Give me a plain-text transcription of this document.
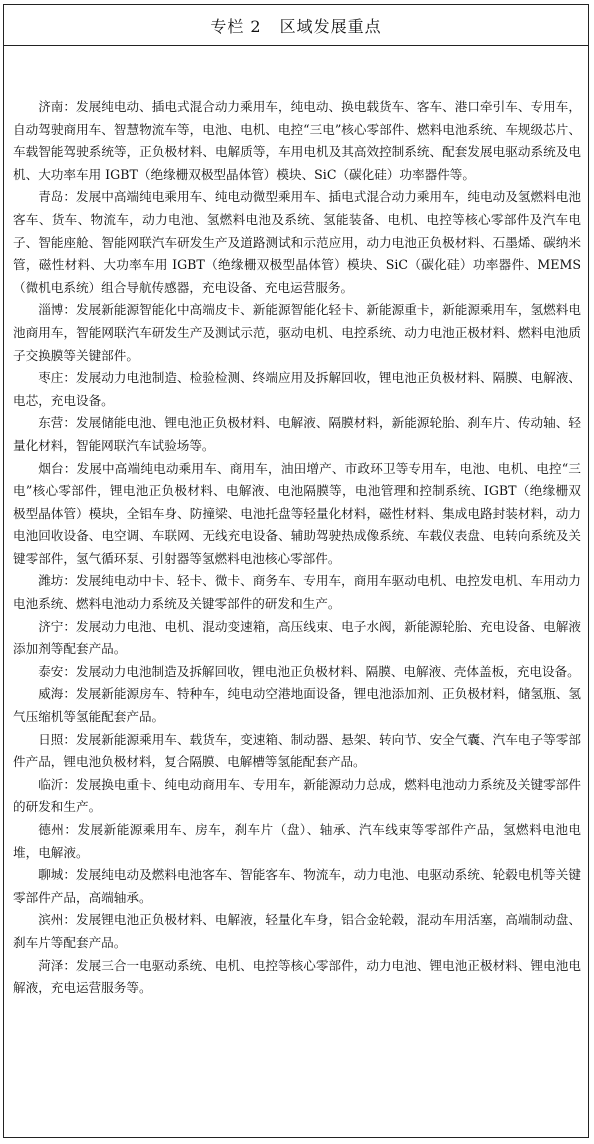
专栏 2 区域发展重点

济南：发展纯电动、插电式混合动力乘用车，纯电动、换电载货车、客车、港口牵引车、专用车，自动驾驶商用车、智慧物流车等，电池、电机、电控“三电”核心零部件、燃料电池系统、车规级芯片、车载智能驾驶系统等，正负极材料、电解质等，车用电机及其高效控制系统、配套发展电驱动系统及电机、大功率车用 IGBT（绝缘栅双极型晶体管）模块、SiC（碳化硅）功率器件等。

青岛：发展中高端纯电乘用车、纯电动微型乘用车、插电式混合动力乘用车，纯电动及氢燃料电池客车、货车、物流车，动力电池、氢燃料电池及系统、氢能装备、电机、电控等核心零部件及汽车电子、智能座舱、智能网联汽车研发生产及道路测试和示范应用，动力电池正负极材料、石墨烯、碳纳米管，磁性材料、大功率车用 IGBT（绝缘栅双极型晶体管）模块、SiC（碳化硅）功率器件、MEMS（微机电系统）组合导航传感器，充电设备、充电运营服务。

淄博：发展新能源智能化中高端皮卡、新能源智能化轻卡、新能源重卡，新能源乘用车，氢燃料电池商用车，智能网联汽车研发生产及测试示范，驱动电机、电控系统、动力电池正极材料、燃料电池质子交换膜等关键部件。

枣庄：发展动力电池制造、检验检测、终端应用及拆解回收，锂电池正负极材料、隔膜、电解液、电芯，充电设备。

东营：发展储能电池、锂电池正负极材料、电解液、隔膜材料，新能源轮胎、刹车片、传动轴、轻量化材料，智能网联汽车试验场等。

烟台：发展中高端纯电动乘用车、商用车，油田增产、市政环卫等专用车，电池、电机、电控“三电”核心零部件，锂电池正负极材料、电解液、电池隔膜等，电池管理和控制系统、IGBT（绝缘栅双极型晶体管）模块，全铝车身、防撞梁、电池托盘等轻量化材料，磁性材料、集成电路封装材料，动力电池回收设备、电空调、车联网、无线充电设备、辅助驾驶热成像系统、车载仪表盘、电转向系统及关键零部件，氢气循环泵、引射器等氢燃料电池核心零部件。

潍坊：发展纯电动中卡、轻卡、微卡、商务车、专用车，商用车驱动电机、电控发电机、车用动力电池系统、燃料电池动力系统及关键零部件的研发和生产。

济宁：发展动力电池、电机、混动变速箱，高压线束、电子水阀，新能源轮胎、充电设备、电解液添加剂等配套产品。

泰安：发展动力电池制造及拆解回收，锂电池正负极材料、隔膜、电解液、壳体盖板，充电设备。

威海：发展新能源房车、特种车，纯电动空港地面设备，锂电池添加剂、正负极材料，储氢瓶、氢气压缩机等氢能配套产品。

日照：发展新能源乘用车、载货车，变速箱、制动器、悬架、转向节、安全气囊、汽车电子等零部件产品，锂电池负极材料，复合隔膜、电解槽等氢能配套产品。

临沂：发展换电重卡、纯电动商用车、专用车，新能源动力总成，燃料电池动力系统及关键零部件的研发和生产。

德州：发展新能源乘用车、房车，刹车片（盘）、轴承、汽车线束等零部件产品，氢燃料电池电堆，电解液。

聊城：发展纯电动及燃料电池客车、智能客车、物流车，动力电池、电驱动系统、轮毂电机等关键零部件产品，高端轴承。

滨州：发展锂电池正负极材料、电解液，轻量化车身，铝合金轮毂，混动车用活塞，高端制动盘、刹车片等配套产品。

菏泽：发展三合一电驱动系统、电机、电控等核心零部件，动力电池、锂电池正极材料、锂电池电解液，充电运营服务等。
